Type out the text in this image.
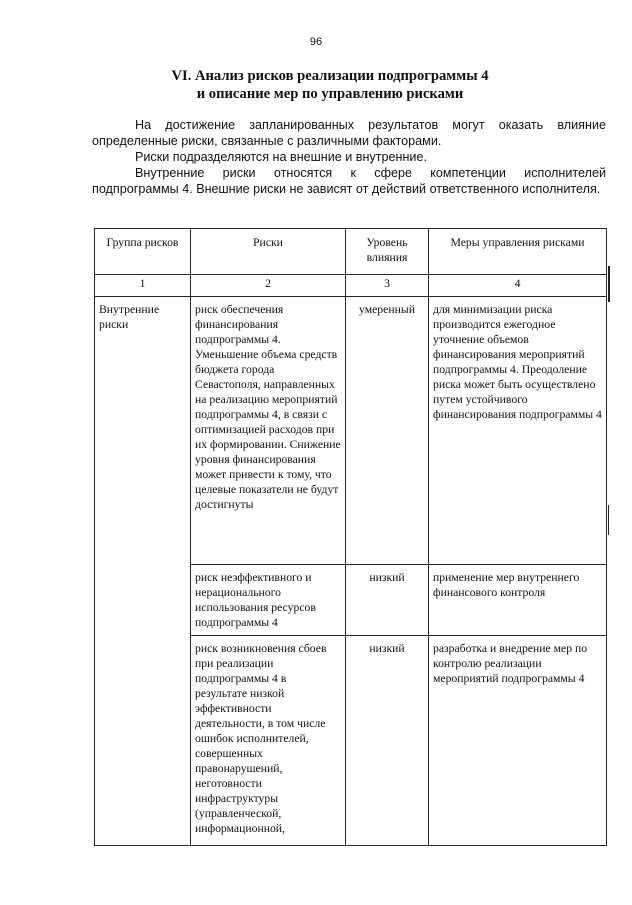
96
VI. Анализ рисков реализации подпрограммы 4
и описание мер по управлению рисками

На достижение запланированных результатов могут оказать влияние определенные риски, связанные с различными факторами.

Риски подразделяются на внешние и внутренние.

Внутренние риски относятся к сфере компетенции исполнителей подпрограммы 4. Внешние риски не зависят от действий ответственного исполнителя.

Группа рисков	Риски	Уровень влияния	Меры управления рисками
1	2	3	4
Внутренние риски	риск обеспечения финансирования подпрограммы 4. Уменьшение объема средств бюджета города Севастополя, направленных на реализацию мероприятий подпрограммы 4, в связи с оптимизацией расходов при их формировании. Снижение уровня финансирования может привести к тому, что целевые показатели не будут достигнуты	умеренный	для минимизации риска производится ежегодное уточнение объемов финансирования мероприятий подпрограммы 4. Преодоление риска может быть осуществлено путем устойчивого финансирования подпрограммы 4
	риск неэффективного и нерационального использования ресурсов подпрограммы 4	низкий	применение мер внутреннего финансового контроля
	риск возникновения сбоев при реализации подпрограммы 4 в результате низкой эффективности деятельности, в том числе ошибок исполнителей, совершенных правонарушений, неготовности инфраструктуры (управленческой, информационной,	низкий	разработка и внедрение мер по контролю реализации мероприятий подпрограммы 4
